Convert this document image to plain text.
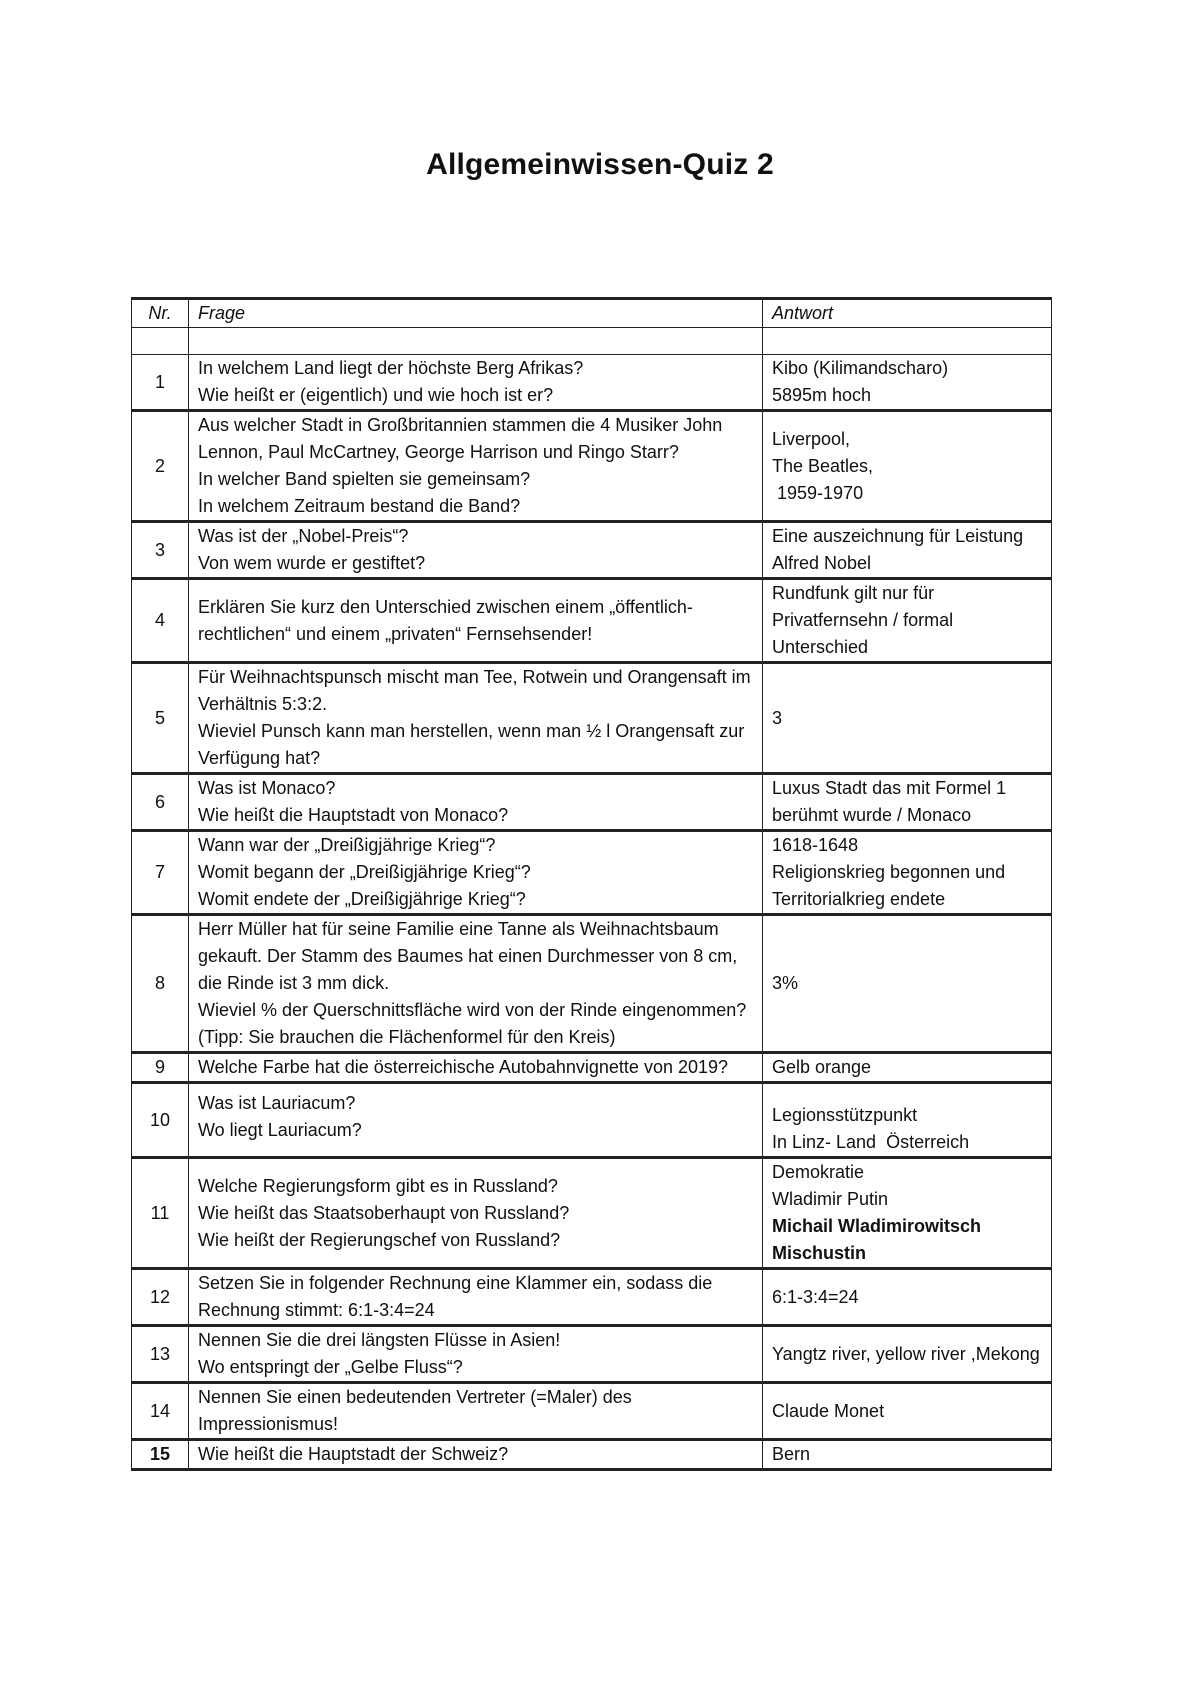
Allgemeinwissen-Quiz 2
Nr.	Frage	Antwort

1	In welchem Land liegt der höchste Berg Afrikas?
Wie heißt er (eigentlich) und wie hoch ist er?	Kibo (Kilimandscharo)
5895m hoch

2	Aus welcher Stadt in Großbritannien stammen die 4 Musiker John Lennon, Paul McCartney, George Harrison und Ringo Starr?
In welcher Band spielten sie gemeinsam?
In welchem Zeitraum bestand die Band?	Liverpool,
The Beatles,
1959-1970

3	Was ist der „Nobel-Preis“?
Von wem wurde er gestiftet?	Eine auszeichnung für Leistung
Alfred Nobel

4	Erklären Sie kurz den Unterschied zwischen einem „öffentlich-rechtlichen“ und einem „privaten“ Fernsehsender!	Rundfunk gilt nur für Privatfernsehn / formal Unterschied

5	Für Weihnachtspunsch mischt man Tee, Rotwein und Orangensaft im Verhältnis 5:3:2.
Wieviel Punsch kann man herstellen, wenn man ½ l Orangensaft zur Verfügung hat?	3

6	Was ist Monaco?
Wie heißt die Hauptstadt von Monaco?	Luxus Stadt das mit Formel 1 berühmt wurde / Monaco

7	Wann war der „Dreißigjährige Krieg“?
Womit begann der „Dreißigjährige Krieg“?
Womit endete der „Dreißigjährige Krieg“?	1618-1648
Religionskrieg begonnen und Territorialkrieg endete

8	Herr Müller hat für seine Familie eine Tanne als Weihnachtsbaum gekauft. Der Stamm des Baumes hat einen Durchmesser von 8 cm, die Rinde ist 3 mm dick.
Wieviel % der Querschnittsfläche wird von der Rinde eingenommen? (Tipp: Sie brauchen die Flächenformel für den Kreis)	3%

9	Welche Farbe hat die österreichische Autobahnvignette von 2019?	Gelb orange

10	Was ist Lauriacum?
Wo liegt Lauriacum?	Legionsstützpunkt
In Linz- Land  Österreich

11	Welche Regierungsform gibt es in Russland?
Wie heißt das Staatsoberhaupt von Russland?
Wie heißt der Regierungschef von Russland?	Demokratie
Wladimir Putin
Michail Wladimirowitsch Mischustin

12	Setzen Sie in folgender Rechnung eine Klammer ein, sodass die Rechnung stimmt: 6:1-3:4=24	6:1-3:4=24

13	Nennen Sie die drei längsten Flüsse in Asien!
Wo entspringt der „Gelbe Fluss“?	Yangtz river, yellow river ,Mekong

14	Nennen Sie einen bedeutenden Vertreter (=Maler) des Impressionismus!	Claude Monet

15	Wie heißt die Hauptstadt der Schweiz?	Bern
